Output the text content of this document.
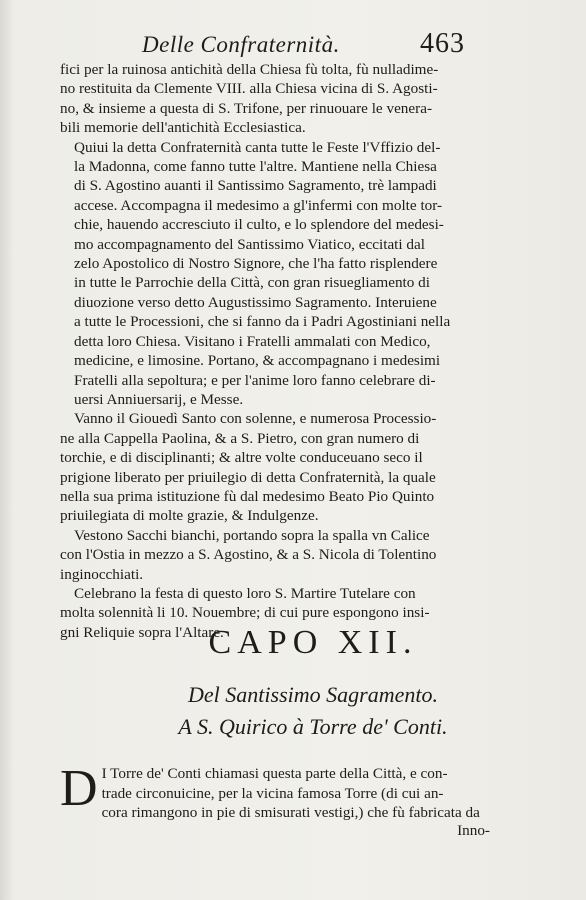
Delle Confraternità.	463

fici per la ruinosa antichità della Chiesa fù tolta, fù nulladime-
no restituita da Clemente VIII. alla Chiesa vicina di S. Agosti-
no, & insieme a questa di S. Trifone, per rinuouare le venera-
bili memorie dell'antichità Ecclesiastica.

Quiui la detta Confraternità canta tutte le Feste l'Vffizio del-
la Madonna, come fanno tutte l'altre. Mantiene nella Chiesa
di S. Agostino auanti il Santissimo Sagramento, trè lampadi
accese. Accompagna il medesimo a gl'infermi con molte tor-
chie, hauendo accresciuto il culto, e lo splendore del medesi-
mo accompagnamento del Santissimo Viatico, eccitati dal
zelo Apostolico di Nostro Signore, che l'ha fatto risplendere
in tutte le Parrochie della Città, con gran risuegliamento di
diuozione verso detto Augustissimo Sagramento. Interuiene
a tutte le Processioni, che si fanno da i Padri Agostiniani nella
detta loro Chiesa. Visitano i Fratelli ammalati con Medico,
medicine, e limosine. Portano, & accompagnano i medesimi
Fratelli alla sepoltura; e per l'anime loro fanno celebrare di-
uersi Anniuersarij, e Messe.

Vanno il Giouedì Santo con solenne, e numerosa Processio-
ne alla Cappella Paolina, & a S. Pietro, con gran numero di
torchie, e di disciplinanti; & altre volte conduceuano seco il
prigione liberato per priuilegio di detta Confraternità, la quale
nella sua prima istituzione fù dal medesimo Beato Pio Quinto
priuilegiata di molte grazie, & Indulgenze.

Vestono Sacchi bianchi, portando sopra la spalla vn Calice
con l'Ostia in mezzo a S. Agostino, & a S. Nicola di Tolentino
inginocchiati.

Celebrano la festa di questo loro S. Martire Tutelare con
molta solennità li 10. Nouembre; di cui pure espongono insi-
gni Reliquie sopra l'Altare.

CAPO XII.
Del Santissimo Sagramento.
A S. Quirico à Torre de' Conti.
D I Torre de' Conti chiamasi questa parte della Città, e con-
trade circonuicine, per la vicina famosa Torre (di cui an-
cora rimangono in pie di smisurati vestigi,) che fù fabricata da
Inno-
